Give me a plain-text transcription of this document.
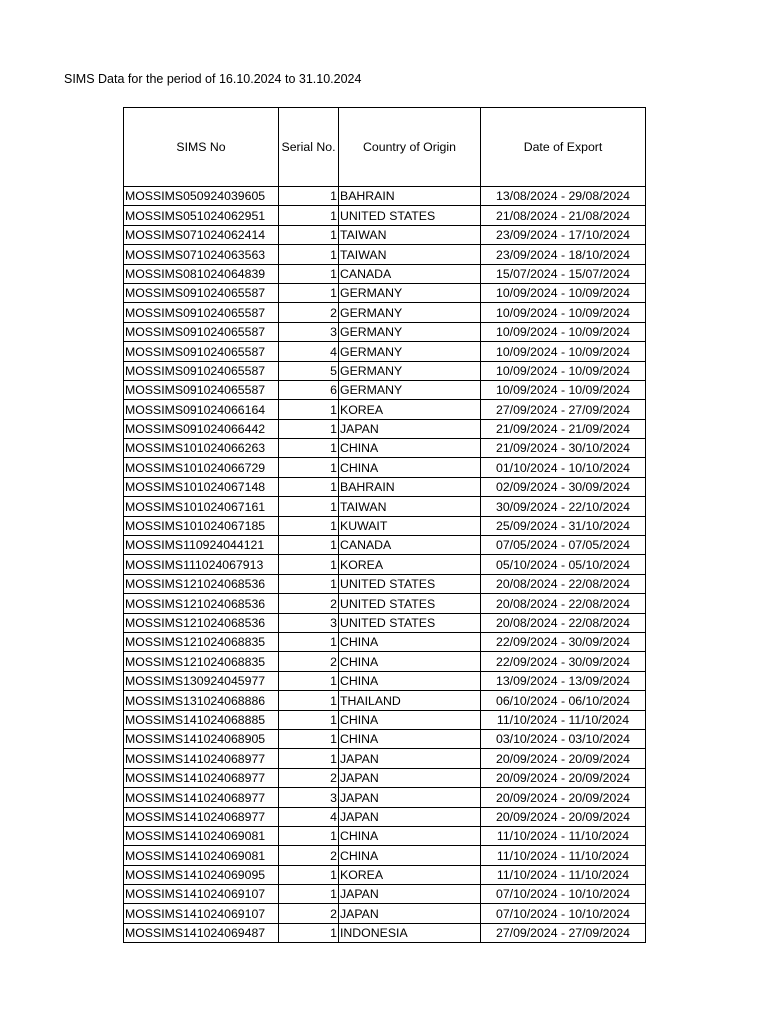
SIMS Data for the period of 16.10.2024 to 31.10.2024
SIMS No	Serial No.	Country of Origin	Date of Export
MOSSIMS050924039605	1	BAHRAIN	13/08/2024 - 29/08/2024
MOSSIMS051024062951	1	UNITED STATES	21/08/2024 - 21/08/2024
MOSSIMS071024062414	1	TAIWAN	23/09/2024 - 17/10/2024
MOSSIMS071024063563	1	TAIWAN	23/09/2024 - 18/10/2024
MOSSIMS081024064839	1	CANADA	15/07/2024 - 15/07/2024
MOSSIMS091024065587	1	GERMANY	10/09/2024 - 10/09/2024
MOSSIMS091024065587	2	GERMANY	10/09/2024 - 10/09/2024
MOSSIMS091024065587	3	GERMANY	10/09/2024 - 10/09/2024
MOSSIMS091024065587	4	GERMANY	10/09/2024 - 10/09/2024
MOSSIMS091024065587	5	GERMANY	10/09/2024 - 10/09/2024
MOSSIMS091024065587	6	GERMANY	10/09/2024 - 10/09/2024
MOSSIMS091024066164	1	KOREA	27/09/2024 - 27/09/2024
MOSSIMS091024066442	1	JAPAN	21/09/2024 - 21/09/2024
MOSSIMS101024066263	1	CHINA	21/09/2024 - 30/10/2024
MOSSIMS101024066729	1	CHINA	01/10/2024 - 10/10/2024
MOSSIMS101024067148	1	BAHRAIN	02/09/2024 - 30/09/2024
MOSSIMS101024067161	1	TAIWAN	30/09/2024 - 22/10/2024
MOSSIMS101024067185	1	KUWAIT	25/09/2024 - 31/10/2024
MOSSIMS110924044121	1	CANADA	07/05/2024 - 07/05/2024
MOSSIMS111024067913	1	KOREA	05/10/2024 - 05/10/2024
MOSSIMS121024068536	1	UNITED STATES	20/08/2024 - 22/08/2024
MOSSIMS121024068536	2	UNITED STATES	20/08/2024 - 22/08/2024
MOSSIMS121024068536	3	UNITED STATES	20/08/2024 - 22/08/2024
MOSSIMS121024068835	1	CHINA	22/09/2024 - 30/09/2024
MOSSIMS121024068835	2	CHINA	22/09/2024 - 30/09/2024
MOSSIMS130924045977	1	CHINA	13/09/2024 - 13/09/2024
MOSSIMS131024068886	1	THAILAND	06/10/2024 - 06/10/2024
MOSSIMS141024068885	1	CHINA	11/10/2024 - 11/10/2024
MOSSIMS141024068905	1	CHINA	03/10/2024 - 03/10/2024
MOSSIMS141024068977	1	JAPAN	20/09/2024 - 20/09/2024
MOSSIMS141024068977	2	JAPAN	20/09/2024 - 20/09/2024
MOSSIMS141024068977	3	JAPAN	20/09/2024 - 20/09/2024
MOSSIMS141024068977	4	JAPAN	20/09/2024 - 20/09/2024
MOSSIMS141024069081	1	CHINA	11/10/2024 - 11/10/2024
MOSSIMS141024069081	2	CHINA	11/10/2024 - 11/10/2024
MOSSIMS141024069095	1	KOREA	11/10/2024 - 11/10/2024
MOSSIMS141024069107	1	JAPAN	07/10/2024 - 10/10/2024
MOSSIMS141024069107	2	JAPAN	07/10/2024 - 10/10/2024
MOSSIMS141024069487	1	INDONESIA	27/09/2024 - 27/09/2024
